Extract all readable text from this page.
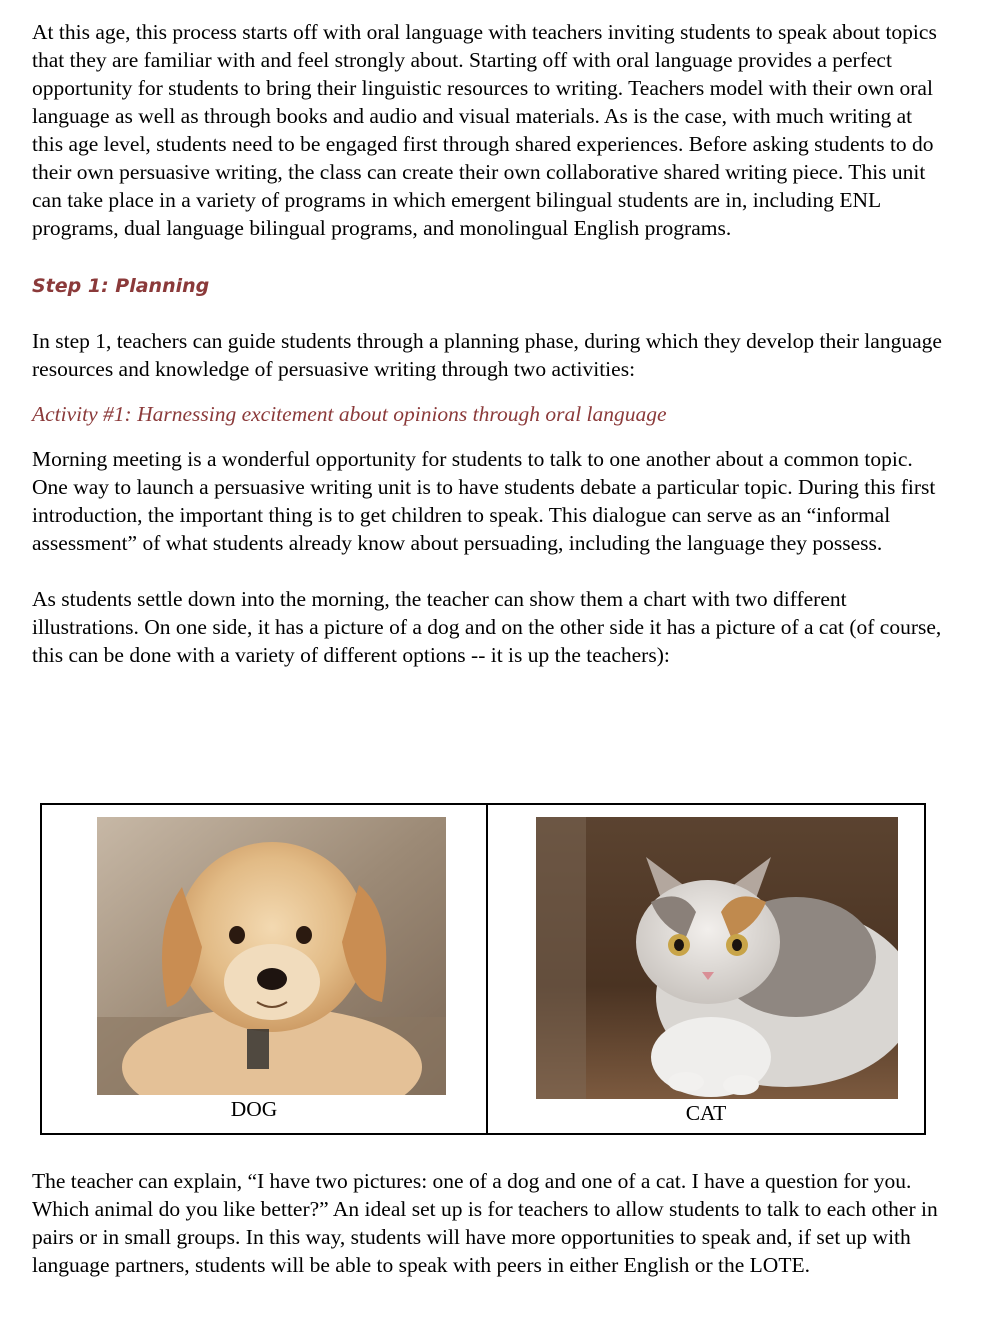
At this age, this process starts off with oral language with teachers inviting students to speak about topics that they are familiar with and feel strongly about. Starting off with oral language provides a perfect opportunity for students to bring their linguistic resources to writing. Teachers model with their own oral language as well as through books and audio and visual materials. As is the case, with much writing at this age level, students need to be engaged first through shared experiences. Before asking students to do their own persuasive writing, the class can create their own collaborative shared writing piece. This unit can take place in a variety of programs in which emergent bilingual students are in, including ENL programs, dual language bilingual programs, and monolingual English programs.

Step 1: Planning

In step 1, teachers can guide students through a planning phase, during which they develop their language resources and knowledge of persuasive writing through two activities:

Activity #1: Harnessing excitement about opinions through oral language

Morning meeting is a wonderful opportunity for students to talk to one another about a common topic. One way to launch a persuasive writing unit is to have students debate a particular topic. During this first introduction, the important thing is to get children to speak. This dialogue can serve as an “informal assessment” of what students already know about persuading, including the language they possess.

As students settle down into the morning, the teacher can show them a chart with two different illustrations. On one side, it has a picture of a dog and on the other side it has a picture of a cat (of course, this can be done with a variety of different options -- it is up the teachers):

DOG	CAT

The teacher can explain, “I have two pictures: one of a dog and one of a cat. I have a question for you. Which animal do you like better?” An ideal set up is for teachers to allow students to talk to each other in pairs or in small groups. In this way, students will have more opportunities to speak and, if set up with language partners, students will be able to speak with peers in either English or the LOTE.
